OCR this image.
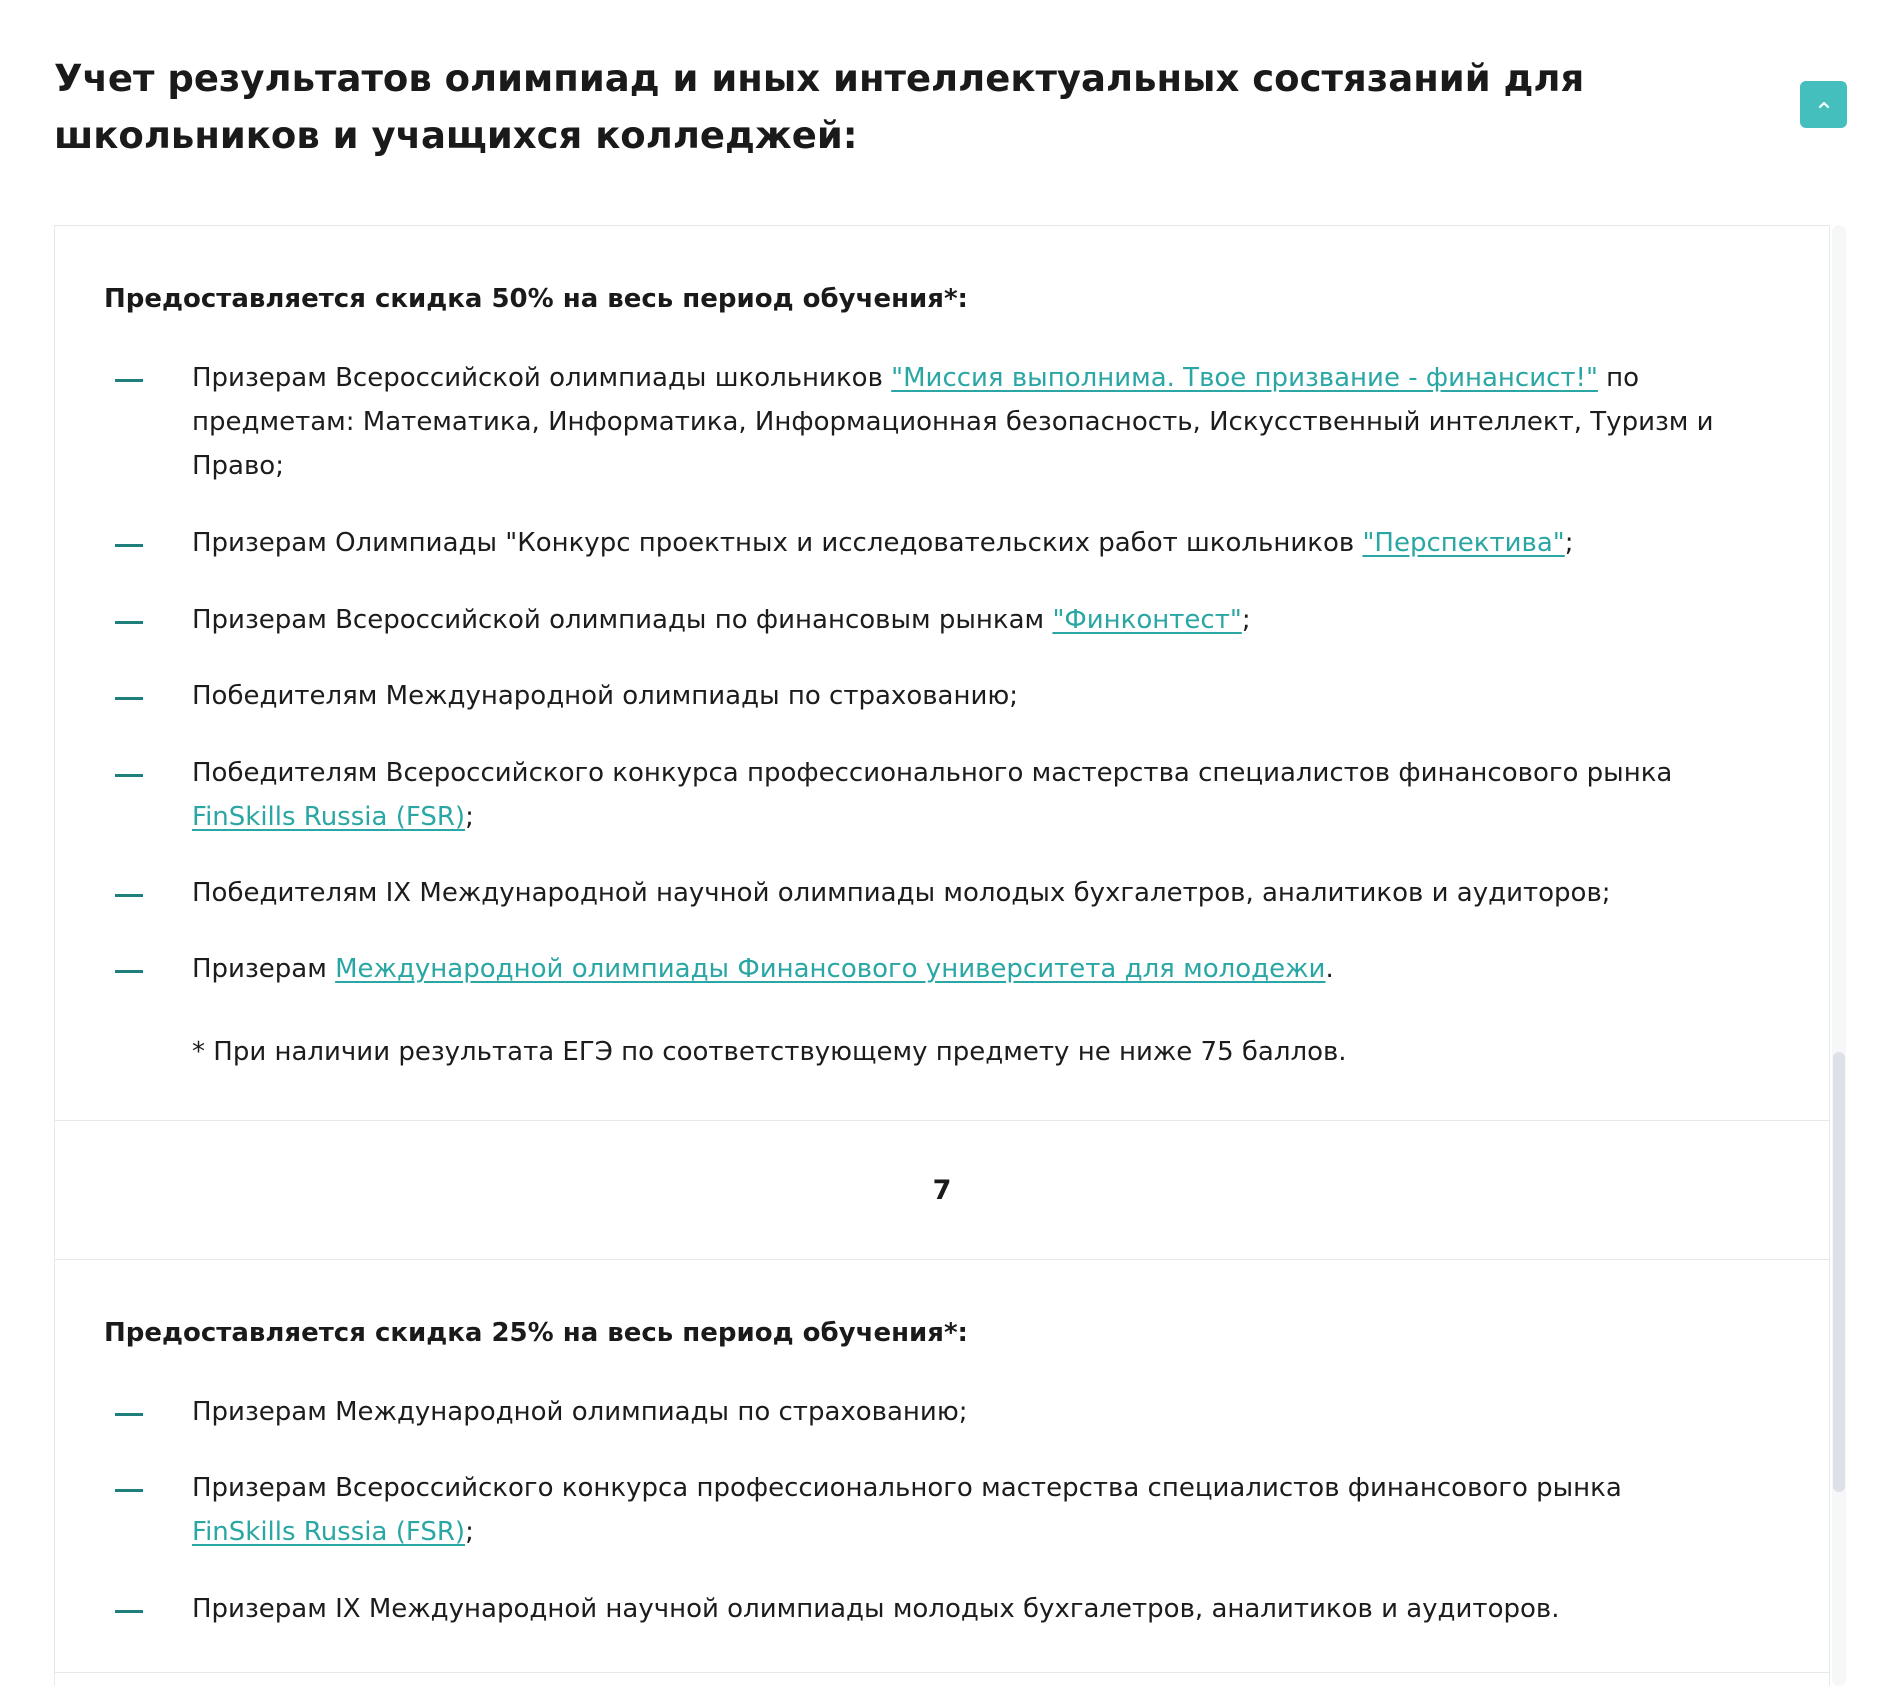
Учет результатов олимпиад и иных интеллектуальных состязаний для школьников и учащихся колледжей:
Предоставляется скидка 50% на весь период обучения*:
Призерам Всероссийской олимпиады школьников "Миссия выполнима. Твое призвание - финансист!" по предметам: Математика, Информатика, Информационная безопасность, Искусственный интеллект, Туризм и Право;
Призерам Олимпиады "Конкурс проектных и исследовательских работ школьников "Перспектива";
Призерам Всероссийской олимпиады по финансовым рынкам "Финконтест";
Победителям Международной олимпиады по страхованию;
Победителям Всероссийского конкурса профессионального мастерства специалистов финансового рынка FinSkills Russia (FSR);
Победителям IX Международной научной олимпиады молодых бухгалетров, аналитиков и аудиторов;
Призерам Международной олимпиады Финансового университета для молодежи.
* При наличии результата ЕГЭ по соответствующему предмету не ниже 75 баллов.
7
Предоставляется скидка 25% на весь период обучения*:
Призерам Международной олимпиады по страхованию;
Призерам Всероссийского конкурса профессионального мастерства специалистов финансового рынка FinSkills Russia (FSR);
Призерам IX Международной научной олимпиады молодых бухгалетров, аналитиков и аудиторов.
